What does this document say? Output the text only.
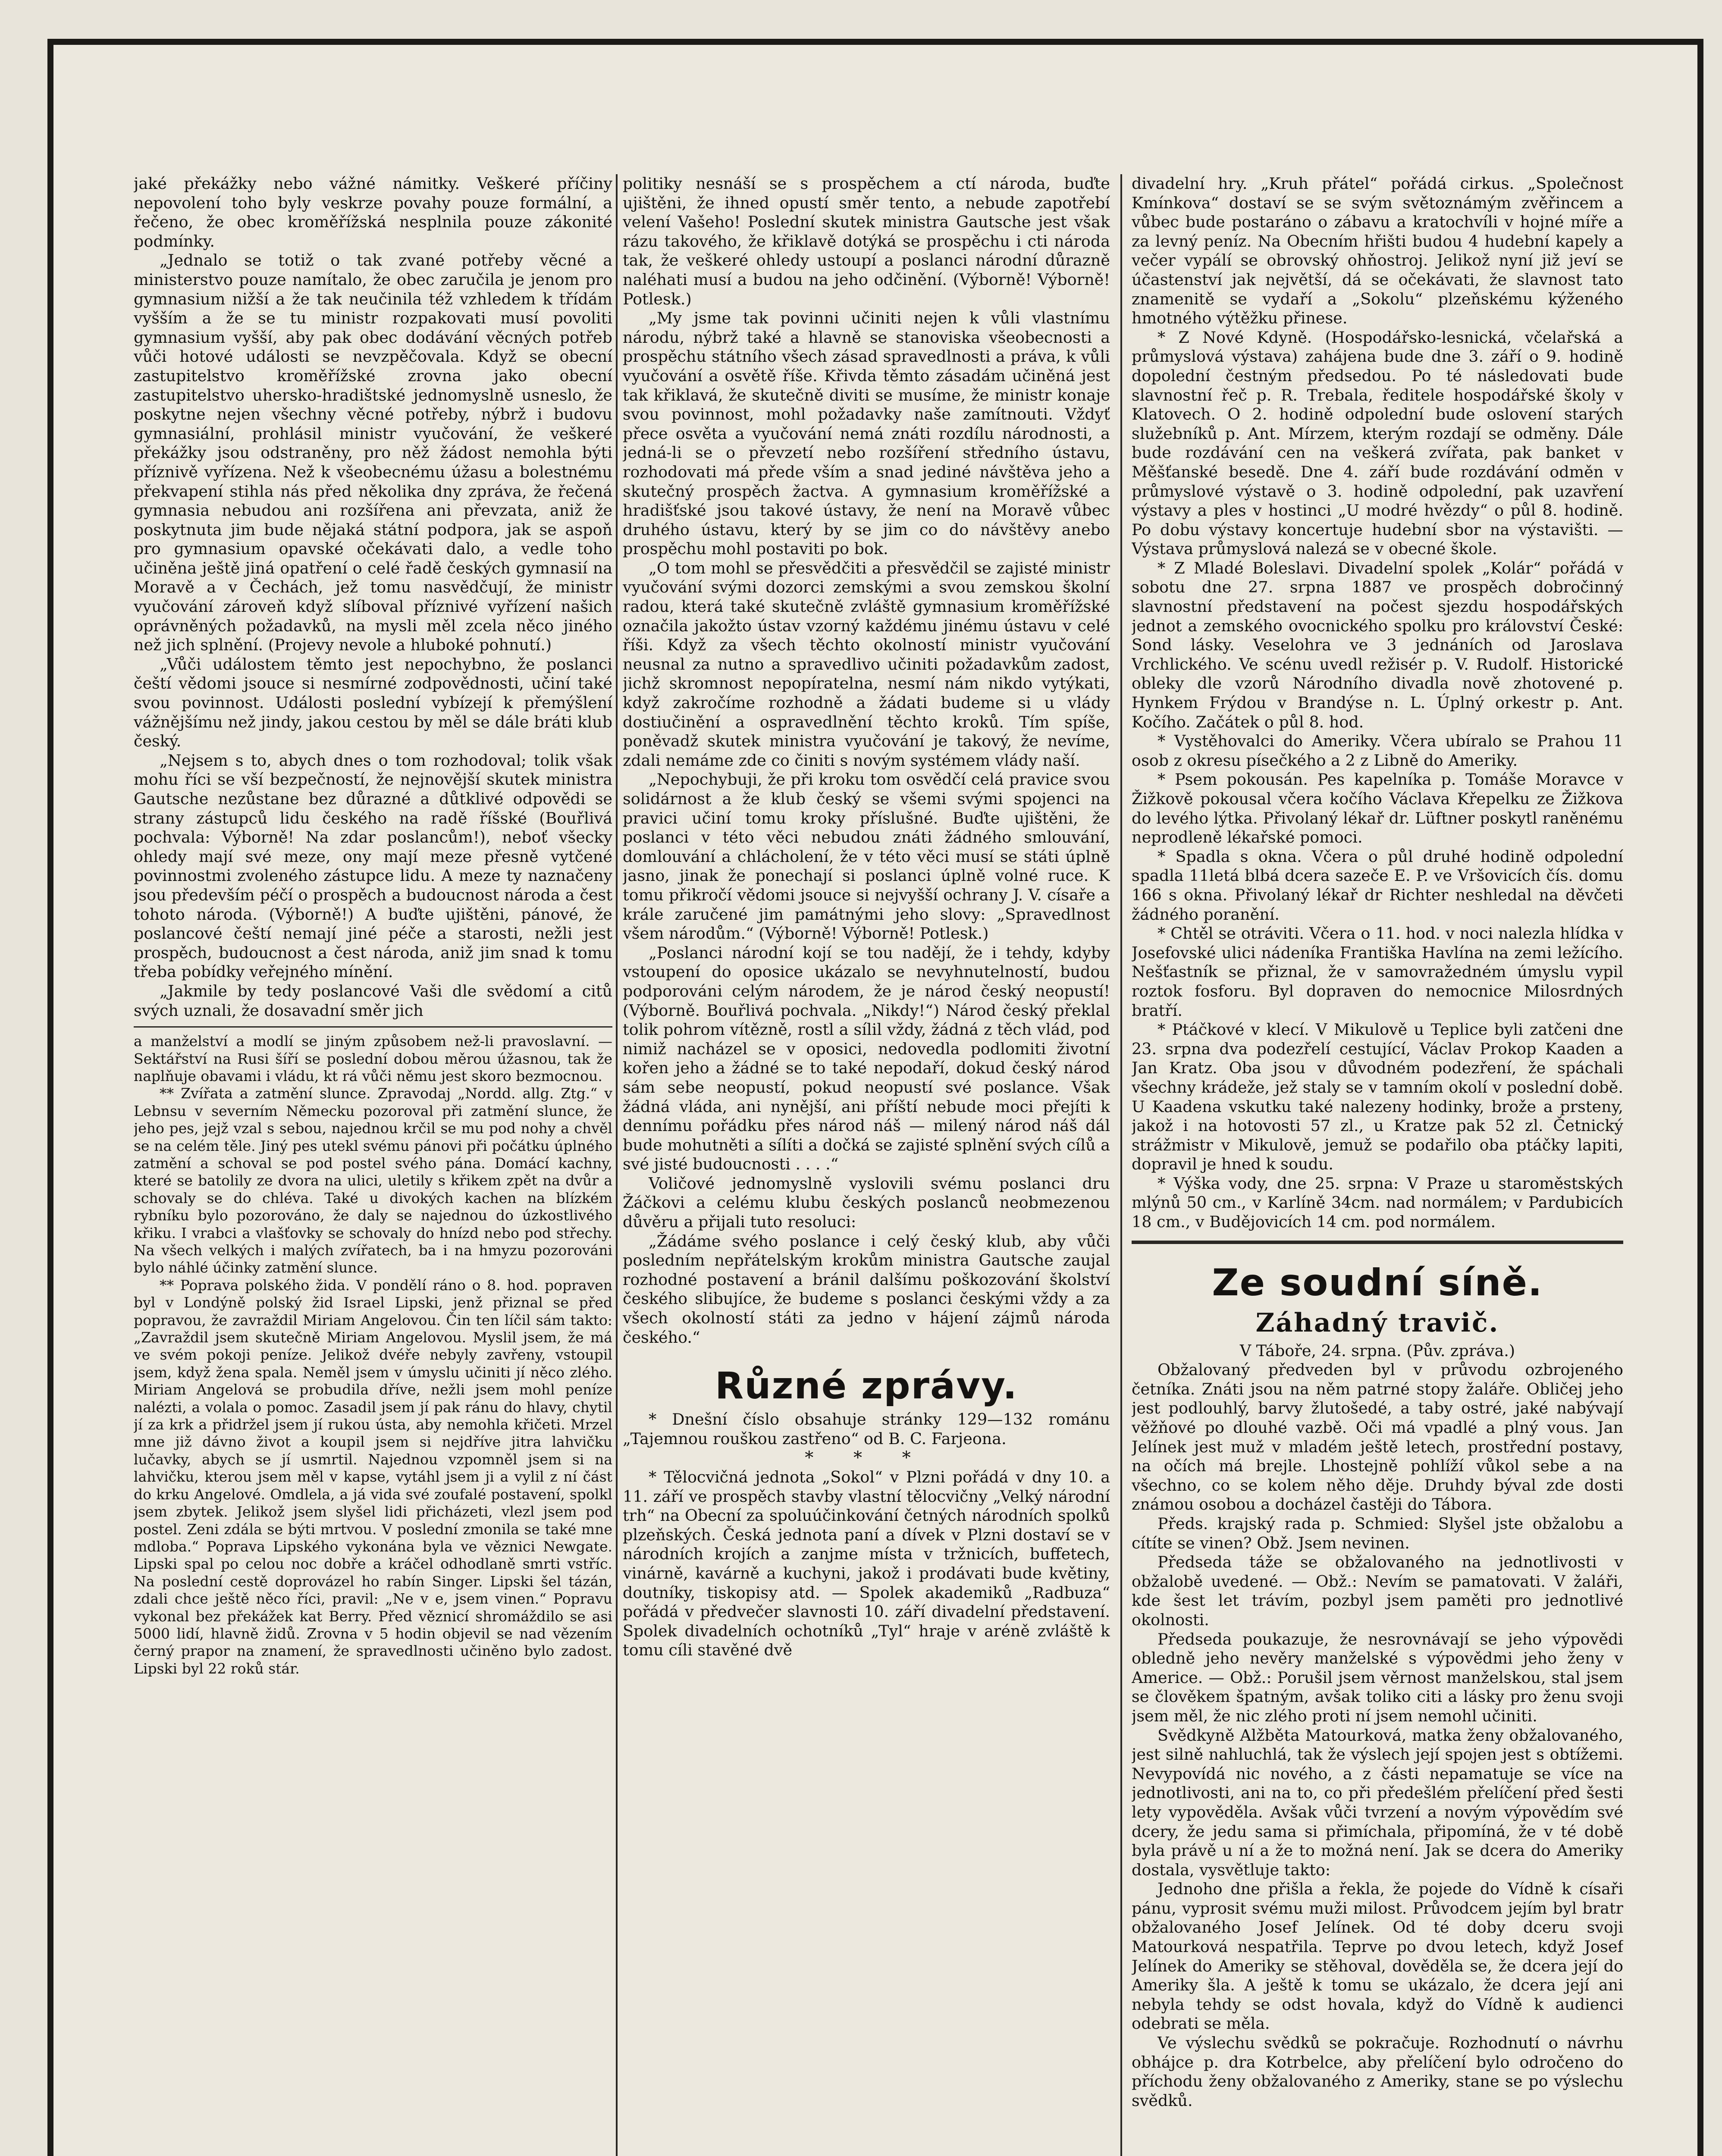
jaké překážky nebo vážné námitky. Veškeré příčiny nepovolení toho byly veskrze povahy pouze formální, a řečeno, že obec kroměřížská nesplnila pouze zákonité podmínky.

„Jednalo se totiž o tak zvané potřeby věcné a ministerstvo pouze namítalo, že obec zaručila je jenom pro gymnasium nižší a že tak neučinila též vzhledem k třídám vyšším a že se tu ministr rozpakovati musí povoliti gymnasium vyšší, aby pak obec dodávání věcných potřeb vůči hotové události se nevzpěčovala. Když se obecní zastupitelstvo kroměřížské zrovna jako obecní zastupitelstvo uhersko-hradištské jednomyslně usneslo, že poskytne nejen všechny věcné potřeby, nýbrž i budovu gymnasiální, prohlásil ministr vyučování, že veškeré překážky jsou odstraněny, pro něž žádost nemohla býti příznivě vyřízena. Než k všeobecnému úžasu a bolestnému překvapení stihla nás před několika dny zpráva, že řečená gymnasia nebudou ani rozšířena ani převzata, aniž že poskytnuta jim bude nějaká státní podpora, jak se aspoň pro gymnasium opavské očekávati dalo, a vedle toho učiněna ještě jiná opatření o celé řadě českých gymnasií na Moravě a v Čechách, jež tomu nasvědčují, že ministr vyučování zároveň když slíboval příznivé vyřízení našich oprávněných požadavků, na mysli měl zcela něco jiného než jich splnění. (Projevy nevole a hluboké pohnutí.)

„Vůči událostem těmto jest nepochybno, že poslanci čeští vědomi jsouce si nesmírné zodpovědnosti, učiní také svou povinnost. Události poslední vybízejí k přemýšlení vážnějšímu než jindy, jakou cestou by měl se dále bráti klub český.

„Nejsem s to, abych dnes o tom rozhodoval; tolik však mohu říci se vší bezpečností, že nejnovější skutek ministra Gautsche nezůstane bez důrazné a důtklivé odpovědi se strany zástupců lidu českého na radě říšské (Bouřlivá pochvala: Výborně! Na zdar poslancům!), neboť všecky ohledy mají své meze, ony mají meze přesně vytčené povinnostmi zvoleného zástupce lidu. A meze ty naznačeny jsou především péčí o prospěch a budoucnost národa a čest tohoto národa. (Výborně!) A buďte ujištěni, pánové, že poslancové čeští nemají jiné péče a starosti, nežli jest prospěch, budoucnost a čest národa, aniž jim snad k tomu třeba pobídky veřejného mínění.

„Jakmile by tedy poslancové Vaši dle svědomí a citů svých uznali, že dosavadní směr jich

a manželství a modlí se jiným způsobem než-li pravoslavní. — Sektářství na Rusi šíří se poslední dobou měrou úžasnou, tak že naplňuje obavami i vládu, kt rá vůči němu jest skoro bezmocnou.

** Zvířata a zatmění slunce. Zpravodaj „Nordd. allg. Ztg.“ v Lebnsu v severním Německu pozoroval při zatmění slunce, že jeho pes, jejž vzal s sebou, najednou krčil se mu pod nohy a chvěl se na celém těle. Jiný pes utekl svému pánovi při počátku úplného zatmění a schoval se pod postel svého pána. Domácí kachny, které se batolily ze dvora na ulici, uletily s křikem zpět na dvůr a schovaly se do chléva. Také u divokých kachen na blízkém rybníku bylo pozorováno, že daly se najednou do úzkostlivého křiku. I vrabci a vlašťovky se schovaly do hnízd nebo pod střechy. Na všech velkých i malých zvířatech, ba i na hmyzu pozorováni bylo náhlé účinky zatmění slunce.

** Poprava polského žida. V pondělí ráno o 8. hod. popraven byl v Londýně polský žid Israel Lipski, jenž přiznal se před popravou, že zavraždil Miriam Angelovou. Čin ten líčil sám takto: „Zavraždil jsem skutečně Miriam Angelovou. Myslil jsem, že má ve svém pokoji peníze. Jelikož dvéře nebyly zavřeny, vstoupil jsem, když žena spala. Neměl jsem v úmyslu učiniti jí něco zlého. Miriam Angelová se probudila dříve, nežli jsem mohl peníze nalézti, a volala o pomoc. Zasadil jsem jí pak ránu do hlavy, chytil jí za krk a přidržel jsem jí rukou ústa, aby nemohla křičeti. Mrzel mne již dávno život a koupil jsem si nejdříve jitra lahvičku lučavky, abych se jí usmrtil. Najednou vzpomněl jsem si na lahvičku, kterou jsem měl v kapse, vytáhl jsem ji a vylil z ní část do krku Angelové. Omdlela, a já vida své zoufalé postavení, spolkl jsem zbytek. Jelikož jsem slyšel lidi přicházeti, vlezl jsem pod postel. Zeni zdála se býti mrtvou. V poslední zmonila se také mne mdloba.“ Poprava Lipského vykonána byla ve věznici Newgate. Lipski spal po celou noc dobře a kráčel odhodlaně smrti vstříc. Na poslední cestě doprovázel ho rabín Singer. Lipski šel tázán, zdali chce ještě něco říci, pravil: „Ne v e, jsem vinen.“ Popravu vykonal bez překážek kat Berry. Před věznicí shromáždilo se asi 5000 lidí, hlavně židů. Zrovna v 5 hodin objevil se nad vězením černý prapor na znamení, že spravedlnosti učiněno bylo zadost. Lipski byl 22 roků stár.

politiky nesnáší se s prospěchem a ctí národa, buďte ujištěni, že ihned opustí směr tento, a nebude zapotřebí velení Vašeho! Poslední skutek ministra Gautsche jest však rázu takového, že křiklavě dotýká se prospěchu i cti národa tak, že veškeré ohledy ustoupí a poslanci národní důrazně naléhati musí a budou na jeho odčinění. (Výborně! Výborně! Potlesk.)

„My jsme tak povinni učiniti nejen k vůli vlastnímu národu, nýbrž také a hlavně se stanoviska všeobecnosti a prospěchu státního všech zásad spravedlnosti a práva, k vůli vyučování a osvětě říše. Křivda těmto zásadám učiněná jest tak křiklavá, že skutečně diviti se musíme, že ministr konaje svou povinnost, mohl požadavky naše zamítnouti. Vždyť přece osvěta a vyučování nemá znáti rozdílu národnosti, a jedná-li se o převzetí nebo rozšíření středního ústavu, rozhodovati má přede vším a snad jediné návštěva jeho a skutečný prospěch žactva. A gymnasium kroměřížské a hradišťské jsou takové ústavy, že není na Moravě vůbec druhého ústavu, který by se jim co do návštěvy anebo prospěchu mohl postaviti po bok.

„O tom mohl se přesvědčiti a přesvědčil se zajisté ministr vyučování svými dozorci zemskými a svou zemskou školní radou, která také skutečně zvláště gymnasium kroměřížské označila jakožto ústav vzorný každému jinému ústavu v celé říši. Když za všech těchto okolností ministr vyučování neusnal za nutno a spravedlivo učiniti požadavkům zadost, jichž skromnost nepopíratelna, nesmí nám nikdo vytýkati, když zakročíme rozhodně a žádati budeme si u vlády dostiučinění a ospravedlnění těchto kroků. Tím spíše, poněvadž skutek ministra vyučování je takový, že nevíme, zdali nemáme zde co činiti s novým systémem vlády naší.

„Nepochybuji, že při kroku tom osvědčí celá pravice svou solidárnost a že klub český se všemi svými spojenci na pravici učiní tomu kroky příslušné. Buďte ujištěni, že poslanci v této věci nebudou znáti žádného smlouvání, domlouvání a chlácholení, že v této věci musí se státi úplně jasno, jinak že ponechají si poslanci úplně volné ruce. K tomu přikročí vědomi jsouce si nejvyšší ochrany J. V. císaře a krále zaručené jim památnými jeho slovy: „Spravedlnost všem národům.“ (Výborně! Výborně! Potlesk.)

„Poslanci národní kojí se tou nadějí, že i tehdy, kdyby vstoupení do oposice ukázalo se nevyhnutelností, budou podporováni celým národem, že je národ český neopustí! (Výborně. Bouřlivá pochvala. „Nikdy!“) Národ český překlal tolik pohrom vítězně, rostl a sílil vždy, žádná z těch vlád, pod nimiž nacházel se v oposici, nedovedla podlomiti životní kořen jeho a žádné se to také nepodaří, dokud český národ sám sebe neopustí, pokud neopustí své poslance. Však žádná vláda, ani nynější, ani příští nebude moci přejíti k dennímu pořádku přes národ náš — milený národ náš dál bude mohutněti a sílíti a dočká se zajisté splnění svých cílů a své jisté budoucnosti . . . .“

Voličové jednomyslně vyslovili svému poslanci dru Žáčkovi a celému klubu českých poslanců neobmezenou důvěru a přijali tuto resoluci:

„Žádáme svého poslance i celý český klub, aby vůči posledním nepřátelským krokům ministra Gautsche zaujal rozhodné postavení a bránil dalšímu poškozování školství českého slibujíce, že budeme s poslanci českými vždy a za všech okolností státi za jedno v hájení zájmů národa českého.“

Různé zprávy.

* Dnešní číslo obsahuje stránky 129—132 románu „Tajemnou rouškou zastřeno“ od B. C. Farjeona.

* * *

* Tělocvičná jednota „Sokol“ v Plzni pořádá v dny 10. a 11. září ve prospěch stavby vlastní tělocvičny „Velký národní trh“ na Obecní za spoluúčinkování četných národních spolků plzeňských. Česká jednota paní a dívek v Plzni dostaví se v národních krojích a zanjme místa v tržnicích, buffetech, vinárně, kavárně a kuchyni, jakož i prodávati bude květiny, doutníky, tiskopisy atd. — Spolek akademiků „Radbuza“ pořádá v předvečer slavnosti 10. září divadelní představení. Spolek divadelních ochotníků „Tyl“ hraje v aréně zvláště k tomu cíli stavěné dvě

divadelní hry. „Kruh přátel“ pořádá cirkus. „Společnost Kmínkova“ dostaví se se svým světoznámým zvěřincem a vůbec bude postaráno o zábavu a kratochvíli v hojné míře a za levný peníz. Na Obecním hřišti budou 4 hudební kapely a večer vypálí se obrovský ohňostroj. Jelikož nyní již jeví se účastenství jak největší, dá se očekávati, že slavnost tato znamenitě se vydaří a „Sokolu“ plzeňskému kýženého hmotného výtěžku přinese.

* Z Nové Kdyně. (Hospodářsko-lesnická, včelařská a průmyslová výstava) zahájena bude dne 3. září o 9. hodině dopolední čestným předsedou. Po té následovati bude slavnostní řeč p. R. Trebala, ředitele hospodářské školy v Klatovech. O 2. hodině odpolední bude oslovení starých služebníků p. Ant. Mírzem, kterým rozdají se odměny. Dále bude rozdávání cen na veškerá zvířata, pak banket v Měšťanské besedě. Dne 4. září bude rozdávání odměn v průmyslové výstavě o 3. hodině odpolední, pak uzavření výstavy a ples v hostinci „U modré hvězdy“ o půl 8. hodině. Po dobu výstavy koncertuje hudební sbor na výstavišti. — Výstava průmyslová nalezá se v obecné škole.

* Z Mladé Boleslavi. Divadelní spolek „Kolár“ pořádá v sobotu dne 27. srpna 1887 ve prospěch dobročinný slavnostní představení na počest sjezdu hospodářských jednot a zemského ovocnického spolku pro království České: Sond lásky. Veselohra ve 3 jednáních od Jaroslava Vrchlického. Ve scénu uvedl režisér p. V. Rudolf. Historické obleky dle vzorů Národního divadla nově zhotovené p. Hynkem Frýdou v Brandýse n. L. Úplný orkestr p. Ant. Kočího. Začátek o půl 8. hod.

* Vystěhovalci do Ameriky. Včera ubíralo se Prahou 11 osob z okresu písečkého a 2 z Libně do Ameriky.

* Psem pokousán. Pes kapelníka p. Tomáše Moravce v Žižkově pokousal včera kočího Václava Křepelku ze Žižkova do levého lýtka. Přivolaný lékař dr. Lüftner poskytl raněnému neprodleně lékařské pomoci.

* Spadla s okna. Včera o půl druhé hodině odpolední spadla 11letá blbá dcera sazeče E. P. ve Vršovicích čís. domu 166 s okna. Přivolaný lékař dr Richter neshledal na děvčeti žádného poranění.

* Chtěl se otráviti. Včera o 11. hod. v noci nalezla hlídka v Josefovské ulici nádeníka Františka Havlína na zemi ležícího. Nešťastník se přiznal, že v samovražedném úmyslu vypil roztok fosforu. Byl dopraven do nemocnice Milosrdných bratří.

* Ptáčkové v klecí. V Mikulově u Teplice byli zatčeni dne 23. srpna dva podezřelí cestující, Václav Prokop Kaaden a Jan Kratz. Oba jsou v důvodném podezření, že spáchali všechny krádeže, jež staly se v tamním okolí v poslední době. U Kaadena vskutku také nalezeny hodinky, brože a prsteny, jakož i na hotovosti 57 zl., u Kratze pak 52 zl. Četnický strážmistr v Mikulově, jemuž se podařilo oba ptáčky lapiti, dopravil je hned k soudu.

* Výška vody, dne 25. srpna: V Praze u staroměstských mlýnů 50 cm., v Karlíně 34cm. nad normálem; v Pardubicích 18 cm., v Budějovicích 14 cm. pod normálem.

Ze soudní síně.
Záhadný travič.

V Táboře, 24. srpna. (Pův. zpráva.)

Obžalovaný předveden byl v průvodu ozbrojeného četníka. Znáti jsou na něm patrné stopy žaláře. Obličej jeho jest podlouhlý, barvy žlutošedé, a taby ostré, jaké nabývají věžňové po dlouhé vazbě. Oči má vpadlé a plný vous. Jan Jelínek jest muž v mladém ještě letech, prostřední postavy, na očích má brejle. Lhostejně pohlíží vůkol sebe a na všechno, co se kolem něho děje. Druhdy býval zde dosti známou osobou a docházel častěji do Tábora.

Předs. krajský rada p. Schmied: Slyšel jste obžalobu a cítíte se vinen? Obž. Jsem nevinen.

Předseda táže se obžalovaného na jednotlivosti v obžalobě uvedené. — Obž.: Nevím se pamatovati. V žaláři, kde šest let trávím, pozbyl jsem paměti pro jednotlivé okolnosti.

Předseda poukazuje, že nesrovnávají se jeho výpovědi obledně jeho nevěry manželské s výpovědmi jeho ženy v Americe. — Obž.: Porušil jsem věrnost manželskou, stal jsem se člověkem špatným, avšak toliko citi a lásky pro ženu svoji jsem měl, že nic zlého proti ní jsem nemohl učiniti.

Svědkyně Alžběta Matourková, matka ženy obžalovaného, jest silně nahluchlá, tak že výslech její spojen jest s obtížemi. Nevypovídá nic nového, a z části nepamatuje se více na jednotlivosti, ani na to, co při předešlém přelíčení před šesti lety vypověděla. Avšak vůči tvrzení a novým výpovědím své dcery, že jedu sama si přimíchala, připomíná, že v té době byla právě u ní a že to možná není. Jak se dcera do Ameriky dostala, vysvětluje takto:

Jednoho dne přišla a řekla, že pojede do Vídně k císaři pánu, vyprosit svému muži milost. Průvodcem jejím byl bratr obžalovaného Josef Jelínek. Od té doby dceru svoji Matourková nespatřila. Teprve po dvou letech, když Josef Jelínek do Ameriky se stěhoval, dověděla se, že dcera její do Ameriky šla. A ještě k tomu se ukázalo, že dcera její ani nebyla tehdy se odst hovala, když do Vídně k audienci odebrati se měla.

Ve výslechu svědků se pokračuje. Rozhodnutí o návrhu obhájce p. dra Kotrbelce, aby přelíčení bylo odročeno do příchodu ženy obžalovaného z Ameriky, stane se po výslechu svědků.
